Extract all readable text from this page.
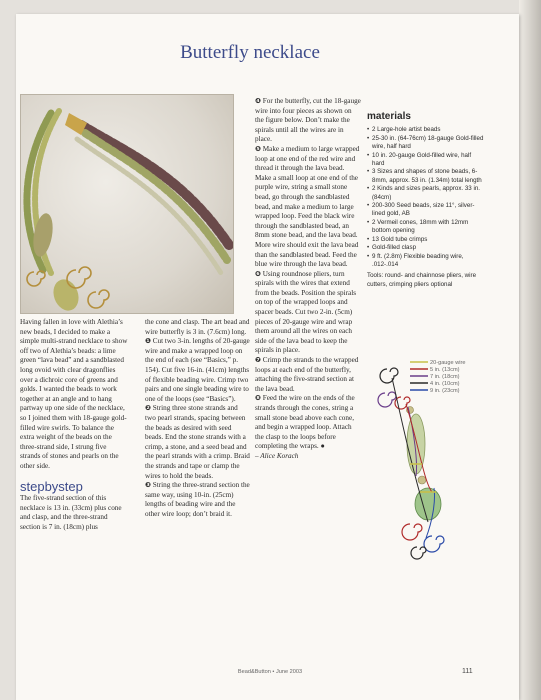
Butterfly necklace

Having fallen in love with Alethia’s new beads, I decided to make a simple multi-strand necklace to show off two of Alethia’s beads: a lime green “lava bead” and a sandblasted long ovoid with clear dragonflies over a dichroic core of greens and golds. I wanted the beads to work together at an angle and to hang partway up one side of the necklace, so I joined them with 18-gauge gold-filled wire swirls. To balance the extra weight of the beads on the three-strand side, I strung five strands of stones and pearls on the other side.

stepbystep

The five-strand section of this necklace is 13 in. (33cm) plus cone and clasp, and the three-strand section is 7 in. (18cm) plus

the cone and clasp. The art bead and wire butterfly is 3 in. (7.6cm) long.

❶ Cut two 3-in. lengths of 20-gauge wire and make a wrapped loop on the end of each (see “Basics,” p. 154). Cut five 16-in. (41cm) lengths of flexible beading wire. Crimp two pairs and one single beading wire to one of the loops (see “Basics”).

❷ String three stone strands and two pearl strands, spacing between the beads as desired with seed beads. End the stone strands with a crimp, a stone, and a seed bead and the pearl strands with a crimp. Braid the strands and tape or clamp the wires to hold the beads.

❸ String the three-strand section the same way, using 10-in. (25cm) lengths of beading wire and the other wire loop; don’t braid it.

❹ For the butterfly, cut the 18-gauge wire into four pieces as shown on the figure below. Don’t make the spirals until all the wires are in place.

❺ Make a medium to large wrapped loop at one end of the red wire and thread it through the lava bead. Make a small loop at one end of the purple wire, string a small stone bead, go through the sandblasted bead, and make a medium to large wrapped loop. Feed the black wire through the sandblasted bead, an 8mm stone bead, and the lava bead. More wire should exit the lava bead than the sandblasted bead. Feed the blue wire through the lava bead.

❻ Using roundnose pliers, turn spirals with the wires that extend from the beads. Position the spirals on top of the wrapped loops and spacer beads. Cut two 2-in. (5cm) pieces of 20-gauge wire and wrap them around all the wires on each side of the lava bead to keep the spirals in place.

❼ Crimp the strands to the wrapped loops at each end of the butterfly, attaching the five-strand section at the lava bead.

❽ Feed the wire on the ends of the strands through the cones, string a small stone bead above each cone, and begin a wrapped loop. Attach the clasp to the loops before completing the wraps. ●

– Alice Korach

materials
• 2 Large-hole artist beads
• 25-30 in. (64-76cm) 18-gauge Gold-filled wire, half hard
• 10 in. 20-gauge Gold-filled wire, half hard
• 3 Sizes and shapes of stone beads, 6-8mm, approx. 53 in. (1.34m) total length
• 2 Kinds and sizes pearls, approx. 33 in. (84cm)
• 200-300 Seed beads, size 11°, silver-lined gold, AB
• 2 Vermeil cones, 18mm with 12mm bottom opening
• 13 Gold tube crimps
• Gold-filled clasp
• 9 ft. (2.8m) Flexible beading wire, .012-.014

Tools: round- and chainnose pliers, wire cutters, crimping pliers optional

20-gauge wire
5 in. (13cm)
7 in. (18cm)
4 in. (10cm)
9 in. (23cm)
Bead&Button • June 2003	111
